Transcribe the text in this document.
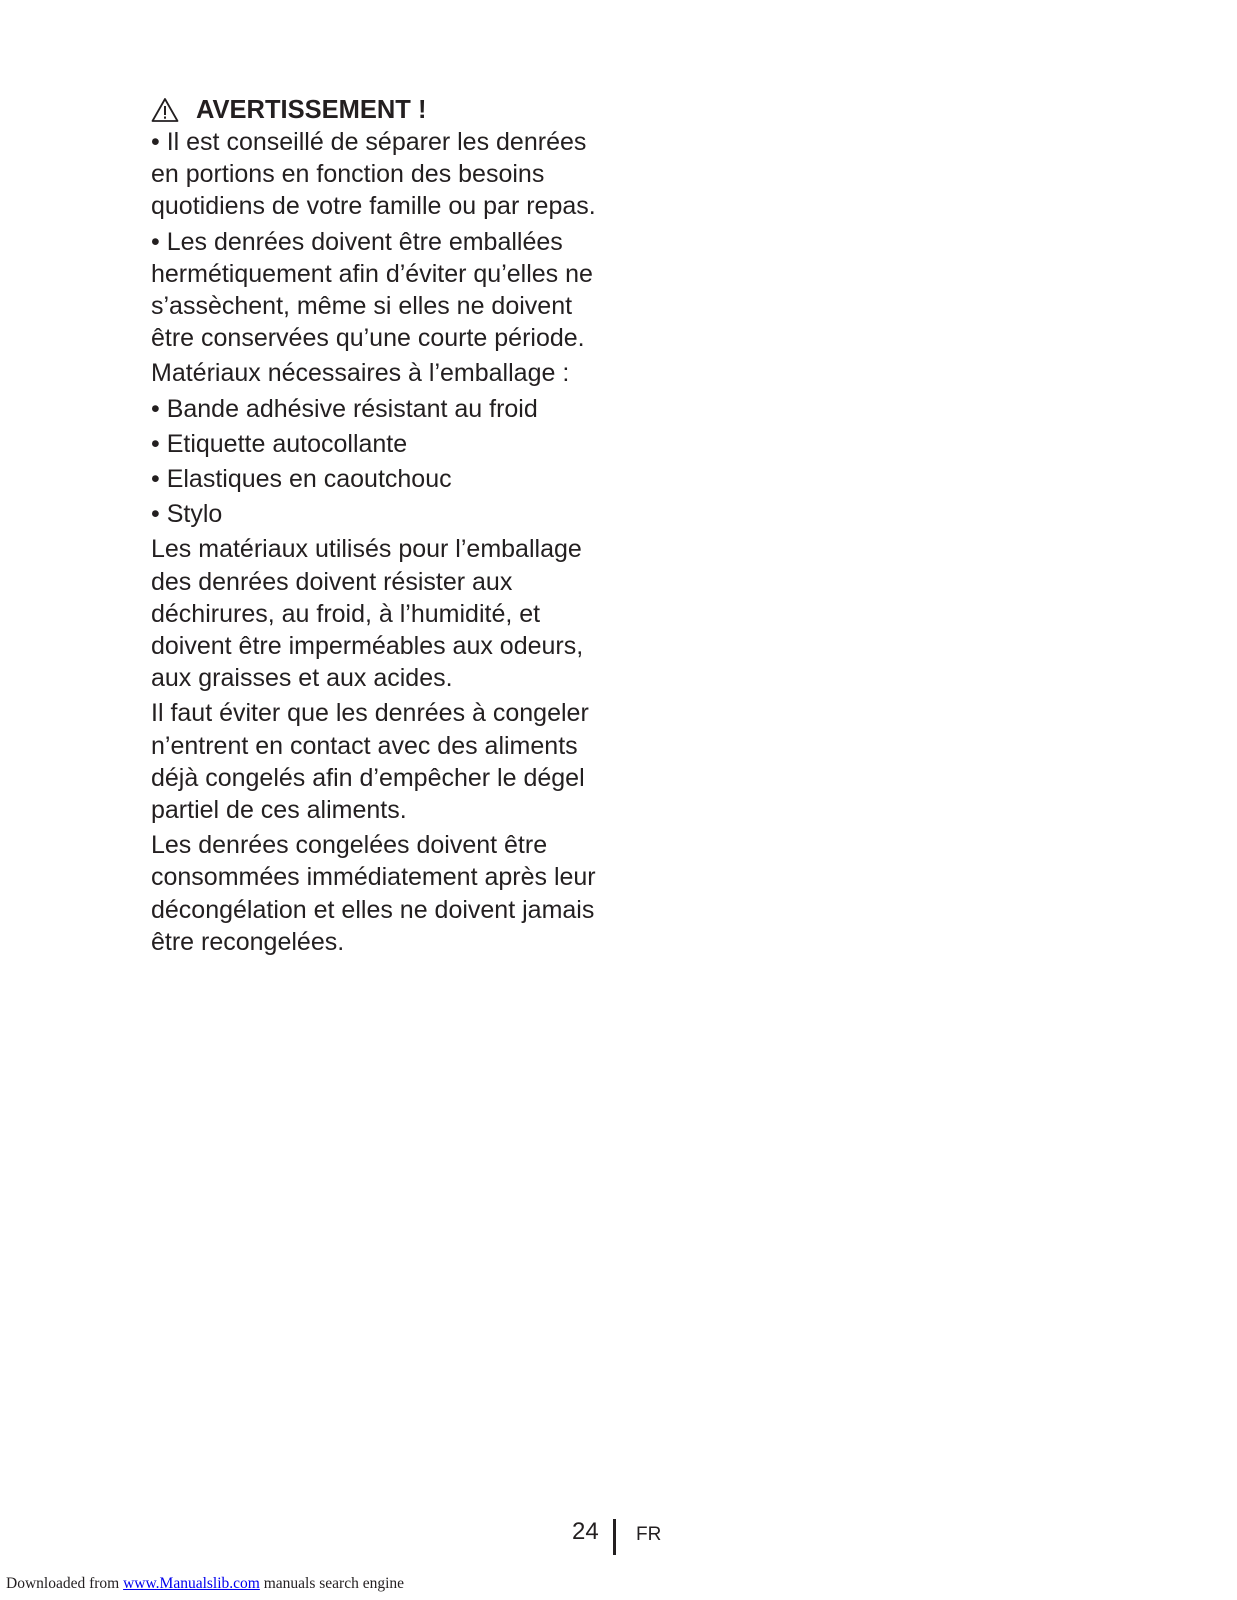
AVERTISSEMENT !

• Il est conseillé de séparer les denrées en portions en fonction des besoins quotidiens de votre famille ou par repas.

• Les denrées doivent être emballées hermétiquement afin d’éviter qu’elles ne s’assèchent, même si elles ne doivent être conservées qu’une courte période.

Matériaux nécessaires à l’emballage :

• Bande adhésive résistant au froid

• Etiquette autocollante

• Elastiques en caoutchouc

• Stylo

Les matériaux utilisés pour l’emballage des denrées doivent résister aux déchirures, au froid, à l’humidité, et doivent être imperméables aux odeurs, aux graisses et aux acides.

Il faut éviter que les denrées à congeler n’entrent en contact avec des aliments déjà congelés afin d’empêcher le dégel partiel de ces aliments.

Les denrées congelées doivent être consommées immédiatement après leur décongélation et elles ne doivent jamais être recongelées.

24 FR
Downloaded from www.Manualslib.com manuals search engine
